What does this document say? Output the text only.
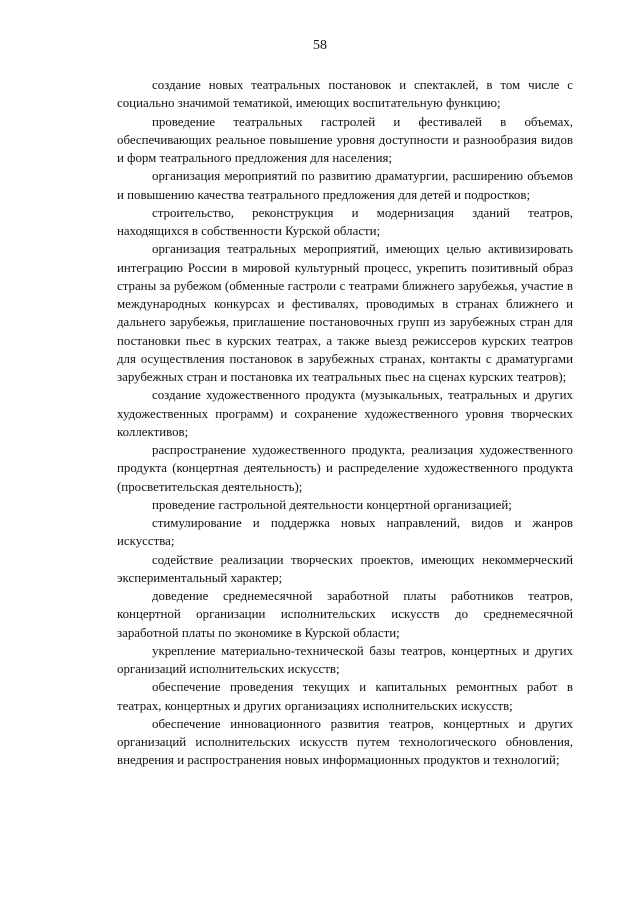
58

создание новых театральных постановок и спектаклей, в том числе с социально значимой тематикой, имеющих воспитательную функцию;

проведение театральных гастролей и фестивалей в объемах, обеспечивающих реальное повышение уровня доступности и разнообразия видов и форм театрального предложения для населения;

организация мероприятий по развитию драматургии, расширению объемов и повышению качества театрального предложения для детей и подростков;

строительство, реконструкция и модернизация зданий театров, находящихся в собственности Курской области;

организация театральных мероприятий, имеющих целью активизировать интеграцию России в мировой культурный процесс, укрепить позитивный образ страны за рубежом (обменные гастроли с театрами ближнего зарубежья, участие в международных конкурсах и фестивалях, проводимых в странах ближнего и дальнего зарубежья, приглашение постановочных групп из зарубежных стран для постановки пьес в курских театрах, а также выезд режиссеров курских театров для осуществления постановок в зарубежных странах, контакты с драматургами зарубежных стран и постановка их театральных пьес на сценах курских театров);

создание художественного продукта (музыкальных, театральных и других художественных программ) и сохранение художественного уровня творческих коллективов;

распространение художественного продукта, реализация художественного продукта (концертная деятельность) и распределение художественного продукта (просветительская деятельность);

проведение гастрольной деятельности концертной организацией;

стимулирование и поддержка новых направлений, видов и жанров искусства;

содействие реализации творческих проектов, имеющих некоммерческий экспериментальный характер;

доведение среднемесячной заработной платы работников театров, концертной организации исполнительских искусств до среднемесячной заработной платы по экономике в Курской области;

укрепление материально-технической базы театров, концертных и других организаций исполнительских искусств;

обеспечение проведения текущих и капитальных ремонтных работ в театрах, концертных и других организациях исполнительских искусств;

обеспечение инновационного развития театров, концертных и других организаций исполнительских искусств путем технологического обновления, внедрения и распространения новых информационных продуктов и технологий;
